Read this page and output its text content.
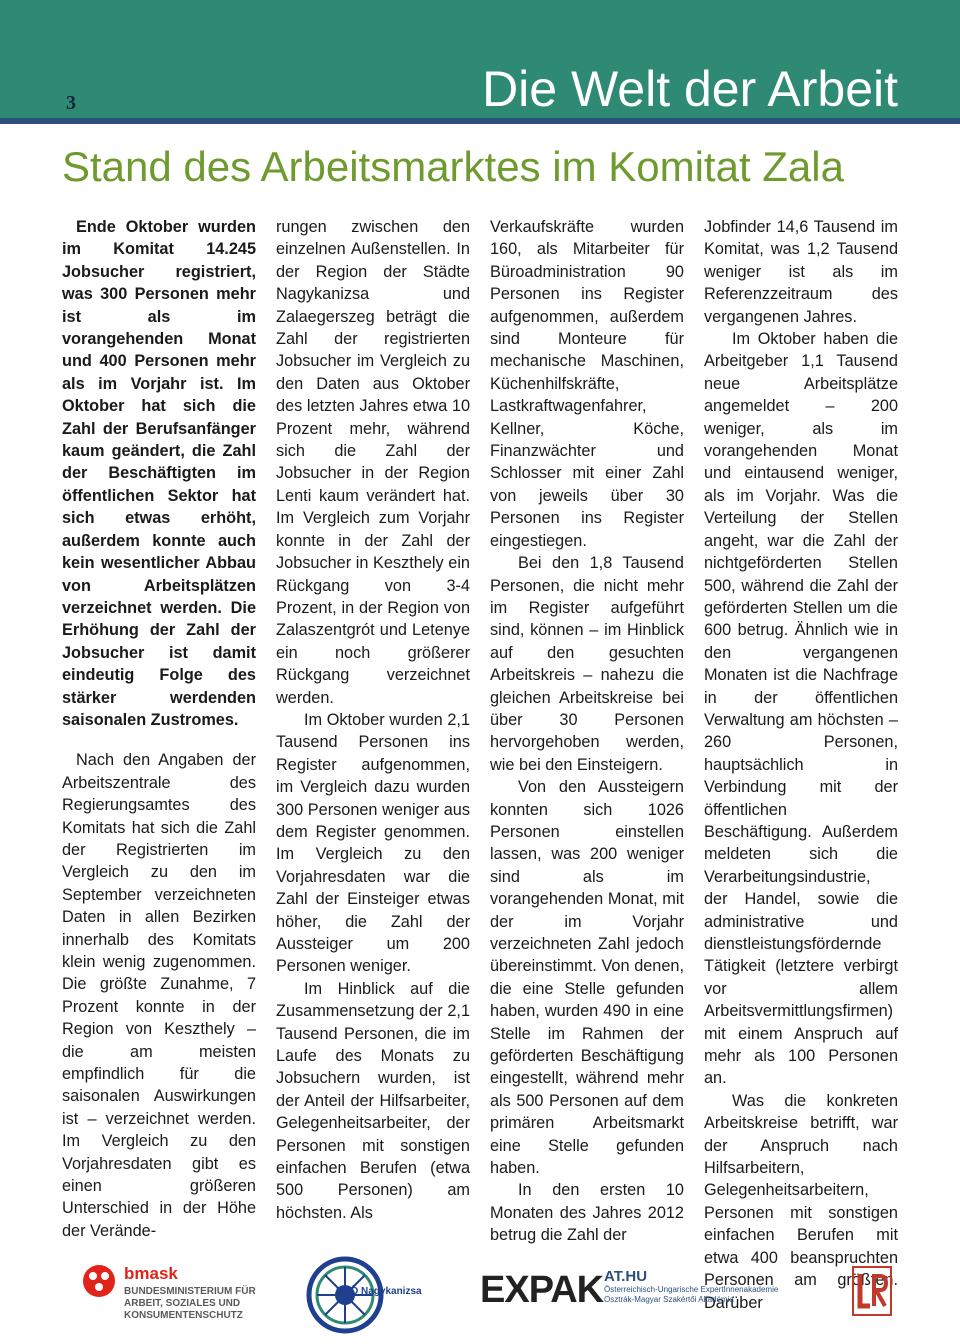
3	Die Welt der Arbeit
Stand des Arbeitsmarktes im Komitat Zala

Ende Oktober wurden im Komitat 14.245 Jobsucher registriert, was 300 Personen mehr ist als im vorangehenden Monat und 400 Personen mehr als im Vorjahr ist. Im Oktober hat sich die Zahl der Berufsanfänger kaum geändert, die Zahl der Beschäftigten im öffentlichen Sektor hat sich etwas erhöht, außerdem konnte auch kein wesentlicher Abbau von Arbeitsplätzen verzeichnet werden. Die Erhöhung der Zahl der Jobsucher ist damit eindeutig Folge des stärker werdenden saisonalen Zustromes.

Nach den Angaben der Arbeitszentrale des Regierungsamtes des Komitats hat sich die Zahl der Registrierten im Vergleich zu den im September verzeichneten Daten in allen Bezirken innerhalb des Komitats klein wenig zugenommen. Die größte Zunahme, 7 Prozent konnte in der Region von Keszthely – die am meisten empfindlich für die saisonalen Auswirkungen ist – verzeichnet werden. Im Vergleich zu den Vorjahresdaten gibt es einen größeren Unterschied in der Höhe der Verände-

rungen zwischen den einzelnen Außenstellen. In der Region der Städte Nagykanizsa und Zalaegerszeg beträgt die Zahl der registrierten Jobsucher im Vergleich zu den Daten aus Oktober des letzten Jahres etwa 10 Prozent mehr, während sich die Zahl der Jobsucher in der Region Lenti kaum verändert hat. Im Vergleich zum Vorjahr konnte in der Zahl der Jobsucher in Keszthely ein Rückgang von 3-4 Prozent, in der Region von Zalaszentgrót und Letenye ein noch größerer Rückgang verzeichnet werden.

Im Oktober wurden 2,1 Tausend Personen ins Register aufgenommen, im Vergleich dazu wurden 300 Personen weniger aus dem Register genommen. Im Vergleich zu den Vorjahresdaten war die Zahl der Einsteiger etwas höher, die Zahl der Aussteiger um 200 Personen weniger.

Im Hinblick auf die Zusammensetzung der 2,1 Tausend Personen, die im Laufe des Monats zu Jobsuchern wurden, ist der Anteil der Hilfsarbeiter, Gelegenheitsarbeiter, der Personen mit sonstigen einfachen Berufen (etwa 500 Personen) am höchsten. Als

Verkaufskräfte wurden 160, als Mitarbeiter für Büroadministration 90 Personen ins Register aufgenommen, außerdem sind Monteure für mechanische Maschinen, Küchenhilfskräfte, Lastkraftwagenfahrer, Kellner, Köche, Finanzwächter und Schlosser mit einer Zahl von jeweils über 30 Personen ins Register eingestiegen.

Bei den 1,8 Tausend Personen, die nicht mehr im Register aufgeführt sind, können – im Hinblick auf den gesuchten Arbeitskreis – nahezu die gleichen Arbeitskreise bei über 30 Personen hervorgehoben werden, wie bei den Einsteigern.

Von den Aussteigern konnten sich 1026 Personen einstellen lassen, was 200 weniger sind als im vorangehenden Monat, mit der im Vorjahr verzeichneten Zahl jedoch übereinstimmt. Von denen, die eine Stelle gefunden haben, wurden 490 in eine Stelle im Rahmen der geförderten Beschäftigung eingestellt, während mehr als 500 Personen auf dem primären Arbeitsmarkt eine Stelle gefunden haben.

In den ersten 10 Monaten des Jahres 2012 betrug die Zahl der

Jobfinder 14,6 Tausend im Komitat, was 1,2 Tausend weniger ist als im Referenzzeitraum des vergangenen Jahres.

Im Oktober haben die Arbeitgeber 1,1 Tausend neue Arbeitsplätze angemeldet – 200 weniger, als im vorangehenden Monat und eintausend weniger, als im Vorjahr. Was die Verteilung der Stellen angeht, war die Zahl der nichtgeförderten Stellen 500, während die Zahl der geförderten Stellen um die 600 betrug. Ähnlich wie in den vergangenen Monaten ist die Nachfrage in der öffentlichen Verwaltung am höchsten – 260 Personen, hauptsächlich in Verbindung mit der öffentlichen Beschäftigung. Außerdem meldeten sich die Verarbeitungsindustrie, der Handel, sowie die administrative und dienstleistungsfördernde Tätigkeit (letztere verbirgt vor allem Arbeitsvermittlungsfirmen) mit einem Anspruch auf mehr als 100 Personen an.

Was die konkreten Arbeitskreise betrifft, war der Anspruch nach Hilfsarbeitern, Gelegenheitsarbeitern, Personen mit sonstigen einfachen Berufen mit etwa 400 beanspruchten Personen am größten. Darüber

bmask
BUNDESMINISTERIUM FÜR
ARBEIT, SOZIALES UND
KONSUMENTENSCHUTZ
RNÖ Nagykanizsa EXPAK AT.HU
Österreichisch-Ungarische ExpertInnenakademie
Osztrák-Magyar Szakértői Akadémia
